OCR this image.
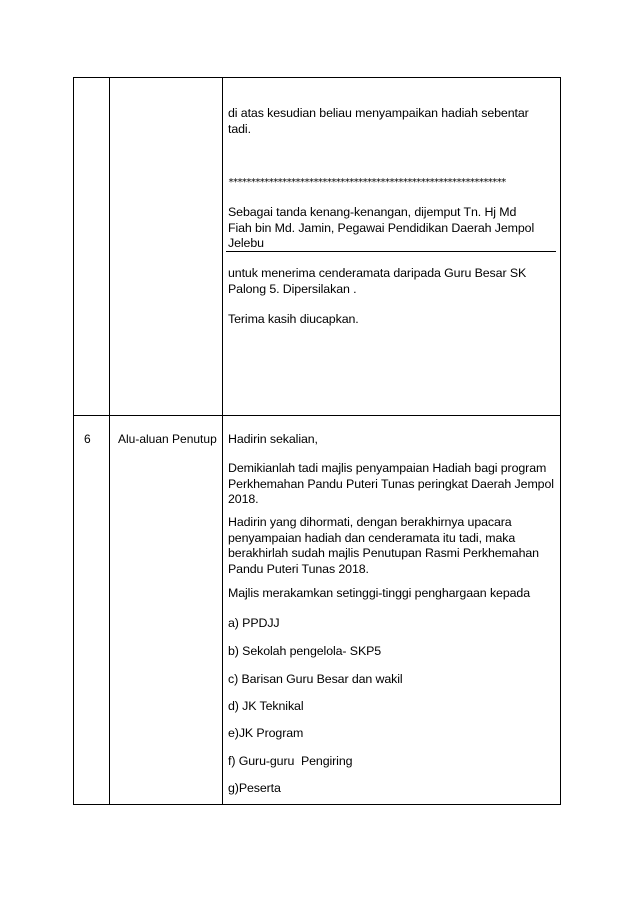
di atas kesudian beliau menyampaikan hadiah sebentar tadi.
**************************************************************
Sebagai tanda kenang-kenangan, dijemput Tn. Hj Md
Fiah bin Md. Jamin, Pegawai Pendidikan Daerah Jempol
Jelebu
untuk menerima cenderamata daripada Guru Besar SK Palong 5. Dipersilakan .
Terima kasih diucapkan.
6 Alu-aluan Penutup Hadirin sekalian,
Demikianlah tadi majlis penyampaian Hadiah bagi program Perkhemahan Pandu Puteri Tunas peringkat Daerah Jempol 2018.
Hadirin yang dihormati, dengan berakhirnya upacara penyampaian hadiah dan cenderamata itu tadi, maka berakhirlah sudah majlis Penutupan Rasmi Perkhemahan Pandu Puteri Tunas 2018.
Majlis merakamkan setinggi-tinggi penghargaan kepada
a) PPDJJ
b) Sekolah pengelola- SKP5
c) Barisan Guru Besar dan wakil
d) JK Teknikal
e)JK Program
f) Guru-guru  Pengiring
g)Peserta
